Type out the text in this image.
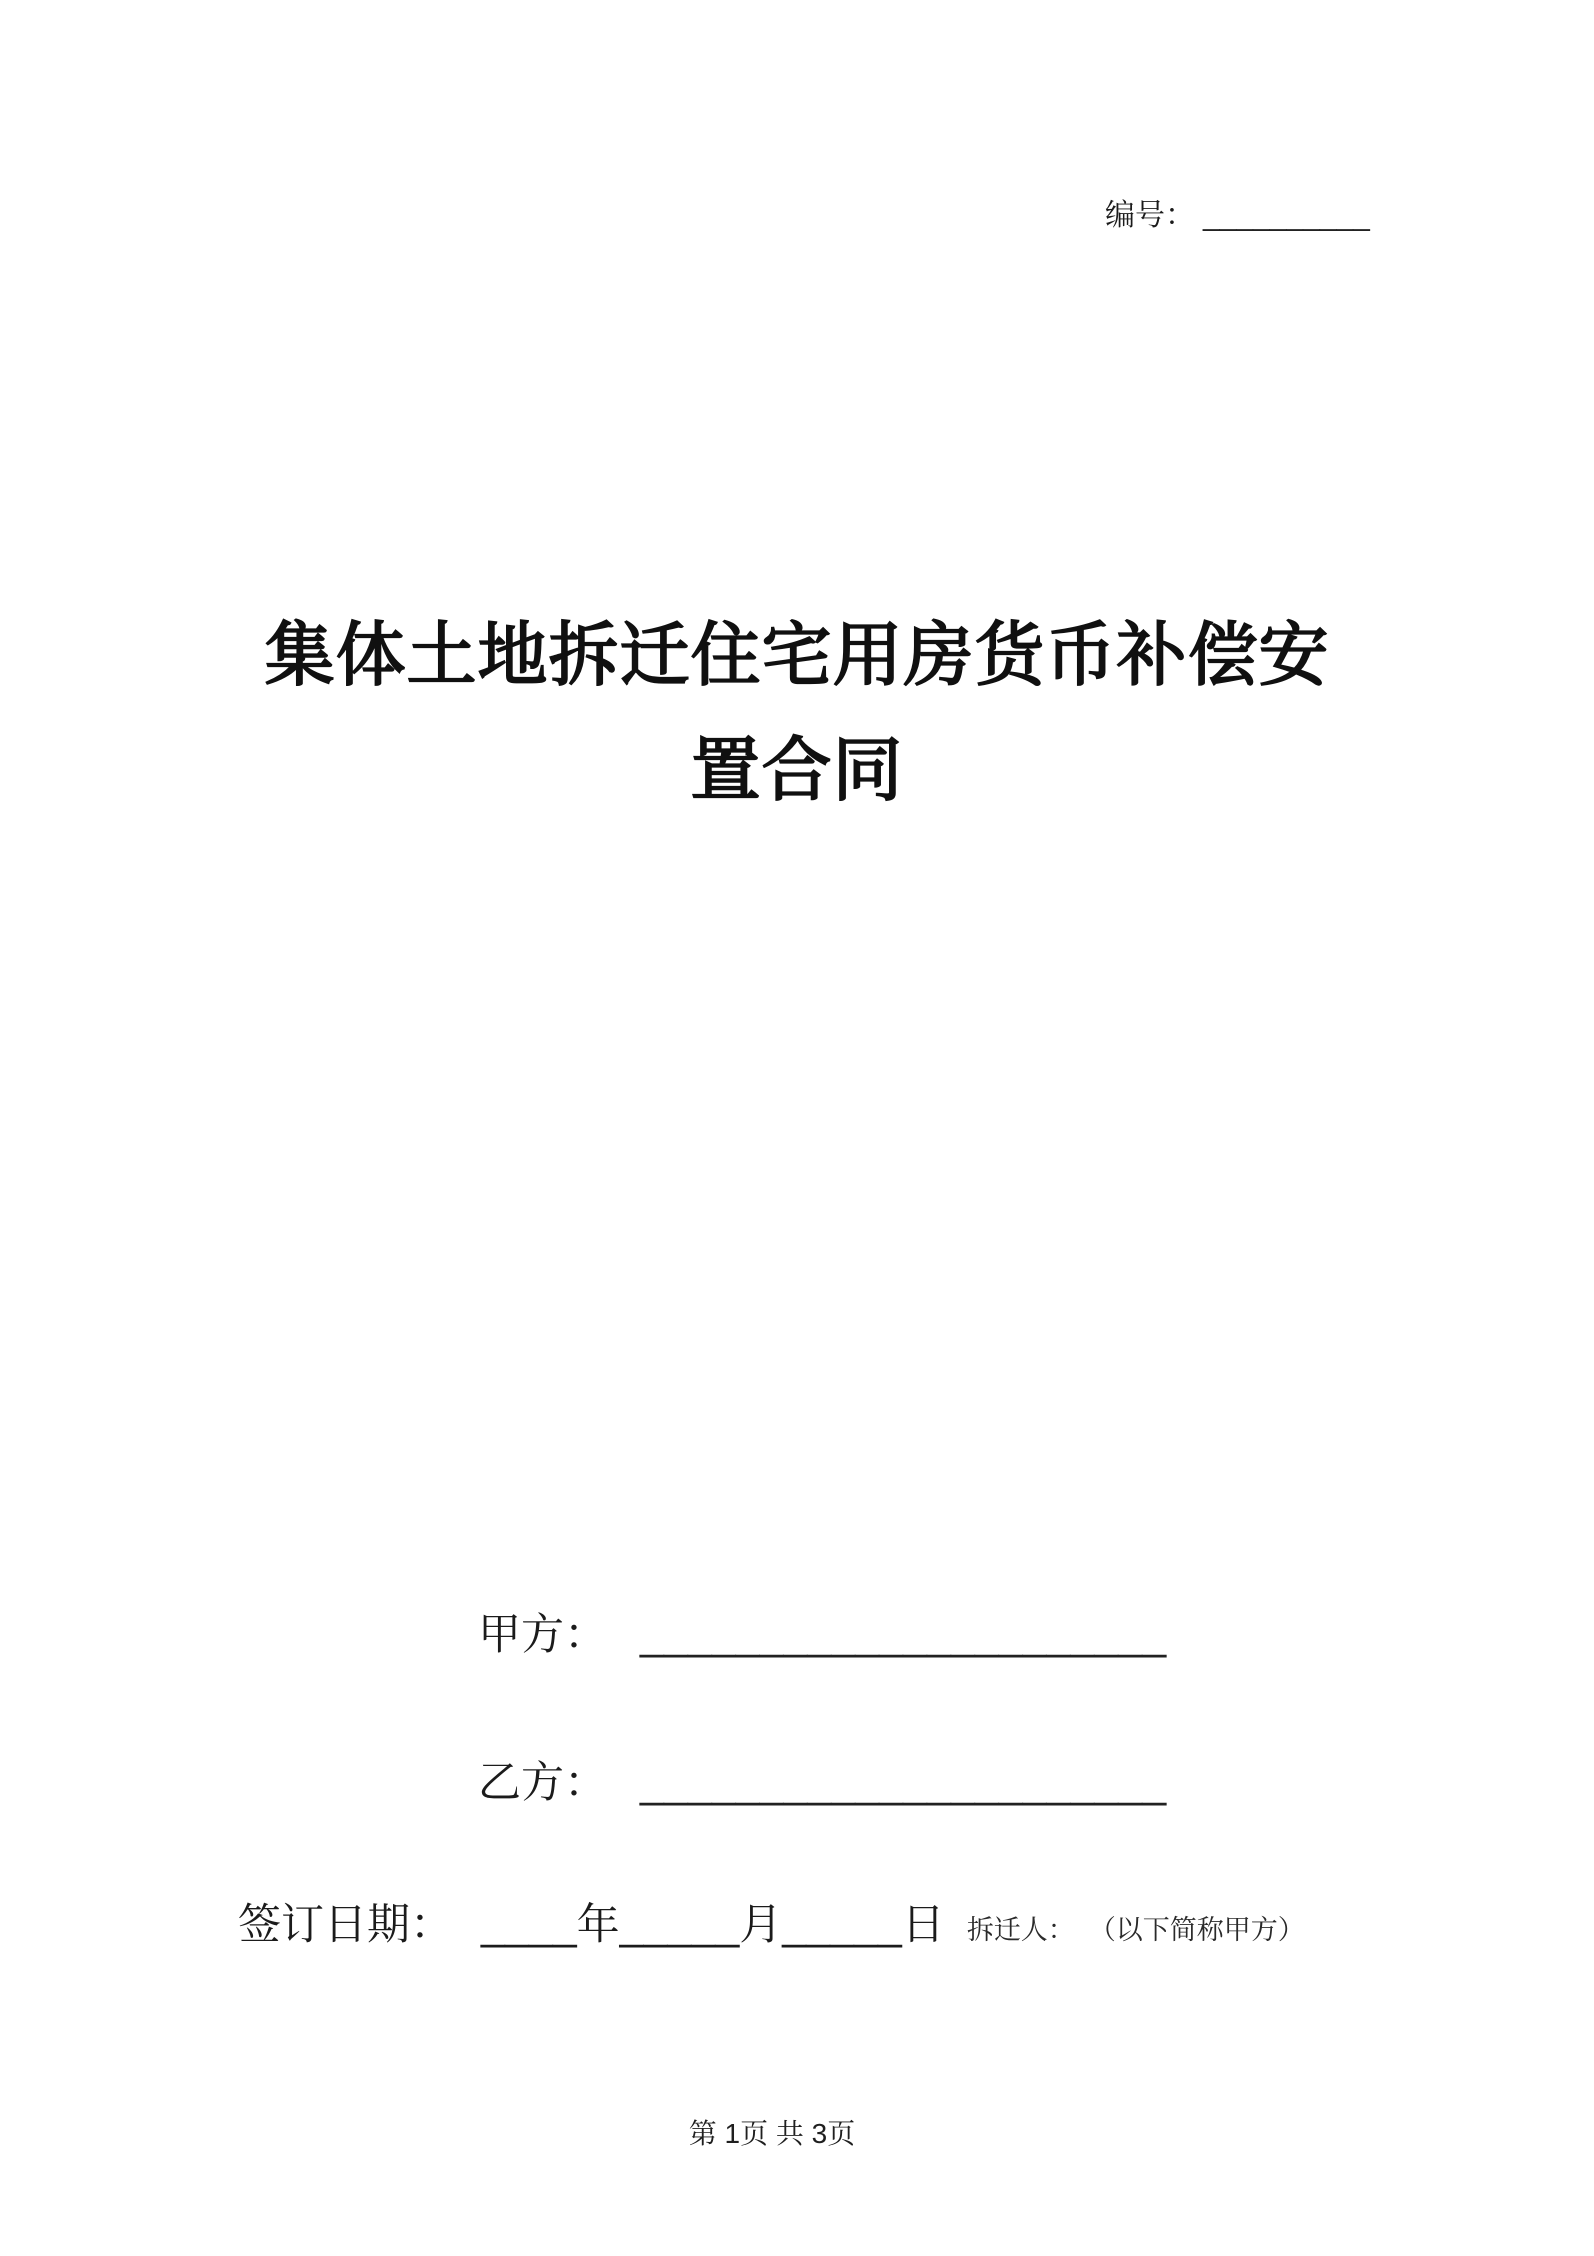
编号： __________
集体土地拆迁住宅用房货币补偿安
置合同
甲方： ______________________
乙方： ______________________
签订日期： ____年_____月_____日 拆迁人： （以下简称甲方）
第 1页 共 3页
